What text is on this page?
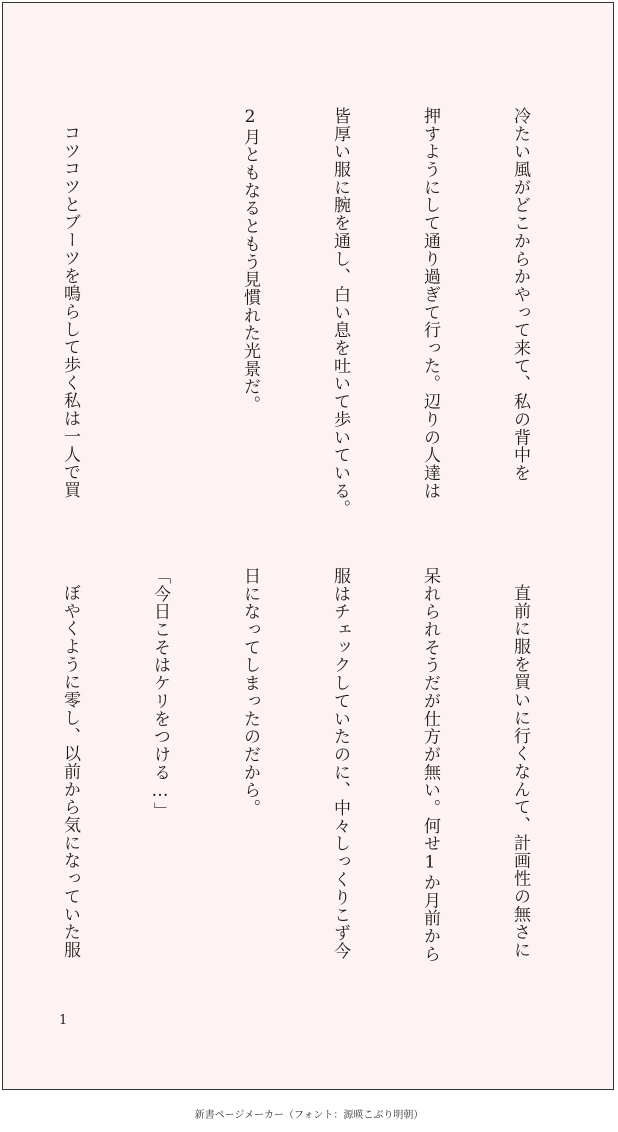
冷たい風がどこからかやって来て、私の背中を

押すようにして通り過ぎて行った。辺りの人達は

皆厚い服に腕を通し、白い息を吐いて歩いている。

2月ともなるともう見慣れた光景だ。

コツコツとブーツを鳴らして歩く私は一人で買

直前に服を買いに行くなんて、計画性の無さに

呆れられそうだが仕方が無い。何せ1か月前から

服はチェックしていたのに、中々しっくりこず今

日になってしまったのだから。

「今日こそはケリをつける…」

ぼやくように零し、以前から気になっていた服

1
新書ページメーカー（フォント：源暎こぶり明朝）
